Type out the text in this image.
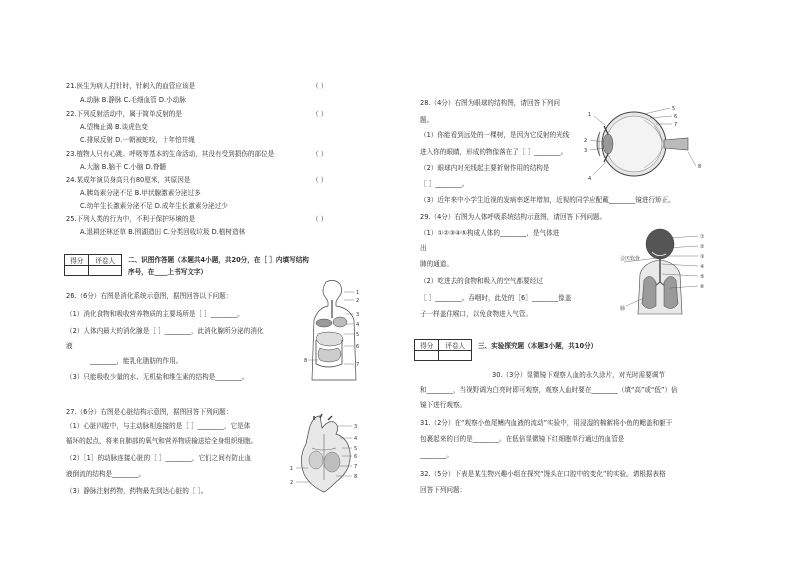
21.医生为病人打针时，针刺入的血管应该是	（ ）
A.动脉 B.静脉 C.毛细血管 D.小动脉
22.下列反射活动中，属于简单反射的是	（ ）
A.望梅止渴 B.谈虎色变
C.排尿反射 D.一朝被蛇咬，十年怕井绳
23.植物人只有心跳、呼吸等基本的生命活动，其没有受到损伤的部位是	（ ）
A.大脑 B.脑干 C.小脑 D.脊髓
24.某成年演员身高只有80厘米，其原因是	（ ）
A.胰岛素分泌不足 B.甲状腺激素分泌过多
C.幼年生长激素分泌不足 D.成年生长激素分泌过少
25.下列人类的行为中，不利于保护环境的是	（ ）
A.退耕还林还草 B.围湖造田 C.分类回收垃圾 D.植树造林
得分	评卷人
	二、识图作答题（本题共4小题，共20分，在［ ］内填写结构
序号，在____上书写文字）
26.（6分）右图是消化系统示意图，据图回答以下问题：
（1）消化食物和吸收营养物质的主要场所是［ ］________。
（2）人体内最大的消化腺是［ ］________，此消化腺所分泌的消化
液
________，能乳化脂肪的作用。
（3）只能吸收少量的水、无机盐和维生素的结构是________。
27.（6分）右图是心脏结构示意图，据图回答下列问题：
（1）心脏四腔中，与主动脉相连接的是［ ］________，它是体
循环的起点，将来自肺部的氧气和营养物质输送给全身组织细胞。
（2）［1］的动脉连接心脏的［ ］________，它们之间有防止血
液倒流的结构是________。
（3）静脉注射药物，药物最先到达心脏的［ ］。
1
2
3
4
5
6
8
7
3
4
5
6
7
1
2
8
28.（4分）右图为眼球的结构图，请回答下列问
题。
（1）你能看到远处的一棵树，是因为它反射的光线
进入你的眼睛，形成的物像落在了［ ］________。
（2）眼球内对光线起主要折射作用的结构是
［ ］________。
（3）近年来中小学生近视的发病率逐年增加，近视的同学应配戴________镜进行矫正。
29.（4分）右图为人体呼吸系统结构示意图，请回答下列问题。
（1）①②③④⑤构成人体的________，是气体进
出
肺的通道。
（2）吃进去的食物和吸入的空气都要经过
［ ］________。吞咽时，此处的［6］________像盖
子一样盖住喉口，以免食物进入气管。
得分	评卷人
	三、实验探究题（本题3小题，共10分）
30.（3分）显微镜下观察人血的永久涂片，对光时需要调节
和________，当视野调为白亮时即可观察，观察人血时要在________（填“高”或“低”）倍
镜下进行观察。
31.（2分）在“观察小鱼尾鳍内血液的流动”实验中，用浸湿的棉絮将小鱼的鳃盖和躯干
包裹起来的目的是________。在低倍显微镜下红细胞单行通过的血管是
________。
32.（5分）下表是某生物兴趣小组在探究“馒头在口腔中的变化”的实验。请根据表格
回答下列问题：
1
2
3
4
5
6
7
8
①
②
③
④
⑤
⑥
会厌软骨
肺
